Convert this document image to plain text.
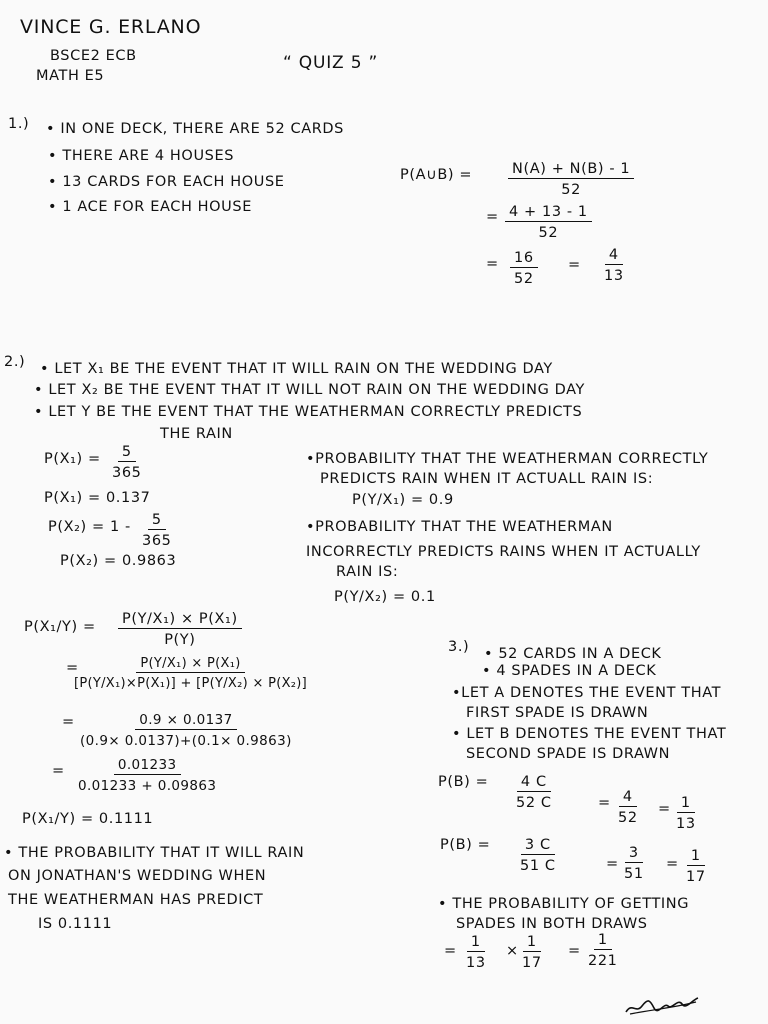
VINCE G. ERLANO
BSCE2 ECB
MATH E5
“ QUIZ 5 ”
1.) • IN ONE DECK, THERE ARE 52 CARDS
• THERE ARE 4 HOUSES
• 13 CARDS FOR EACH HOUSE
• 1 ACE FOR EACH HOUSE
P(A∪B) = $\frac{N(A) + N(B) - 1}{52}$
= $\frac{4 + 13 - 1}{52}$
= $\frac{16}{52} = \frac{4}{13}$
2.) • LET X₁ BE THE EVENT THAT IT WILL RAIN ON THE WEDDING DAY
• LET X₂ BE THE EVENT THAT IT WILL NOT RAIN ON THE WEDDING DAY
• LET Y BE THE EVENT THAT THE WEATHERMAN CORRECTLY PREDICTS
THE RAIN
$P(X_1) = \frac{5}{365}$
P(X₁) = 0.137
$P(X_2) = 1 - \frac{5}{365}$
P(X₂) = 0.9863
•PROBABILITY THAT THE WEATHERMAN CORRECTLY
PREDICTS RAIN WHEN IT ACTUALL RAIN IS:
P(Y/X₁) = 0.9
•PROBABILITY THAT THE WEATHERMAN
INCORRECTLY PREDICTS RAINS WHEN IT ACTUALLY
RAIN IS:
P(Y/X₂) = 0.1
$P(X_1/Y) = \frac{\text{P(Y/X₁) × P(X₁)}}{P(Y)}$
=
$\frac{\text{P(Y/X₁) × P(X₁)}}{\text{[P(Y/X₁)×P(X₁)] + [P(Y/X₂) × P(X₂)]}}$
= $\frac{0.9 \times 0.0137}{(0.9\times 0.0137)+(0.1\times 0.9863)}$
= $\frac{0.01233}{0.01233 + 0.09863}$
P(X₁/Y) = 0.1111
• THE PROBABILITY THAT IT WILL RAIN
ON JONATHAN'S WEDDING WHEN
THE WEATHERMAN HAS PREDICT
IS 0.1111
3.) • 52 CARDS IN A DECK
• 4 SPADES IN A DECK
•LET A DENOTES THE EVENT THAT
FIRST SPADE IS DRAWN
• LET B DENOTES THE EVENT THAT
SECOND SPADE IS DRAWN
$P(B) = \frac{4 C}{52 C}$	= $\frac{4}{52} = \frac{1}{13}$
$P(B) = \frac{3 C}{51 C}$	= $\frac{3}{51} = \frac{1}{17}$
• THE PROBABILITY OF GETTING
SPADES IN BOTH DRAWS
= $\frac{1}{13} \times \frac{1}{17} = \frac{1}{221}$
